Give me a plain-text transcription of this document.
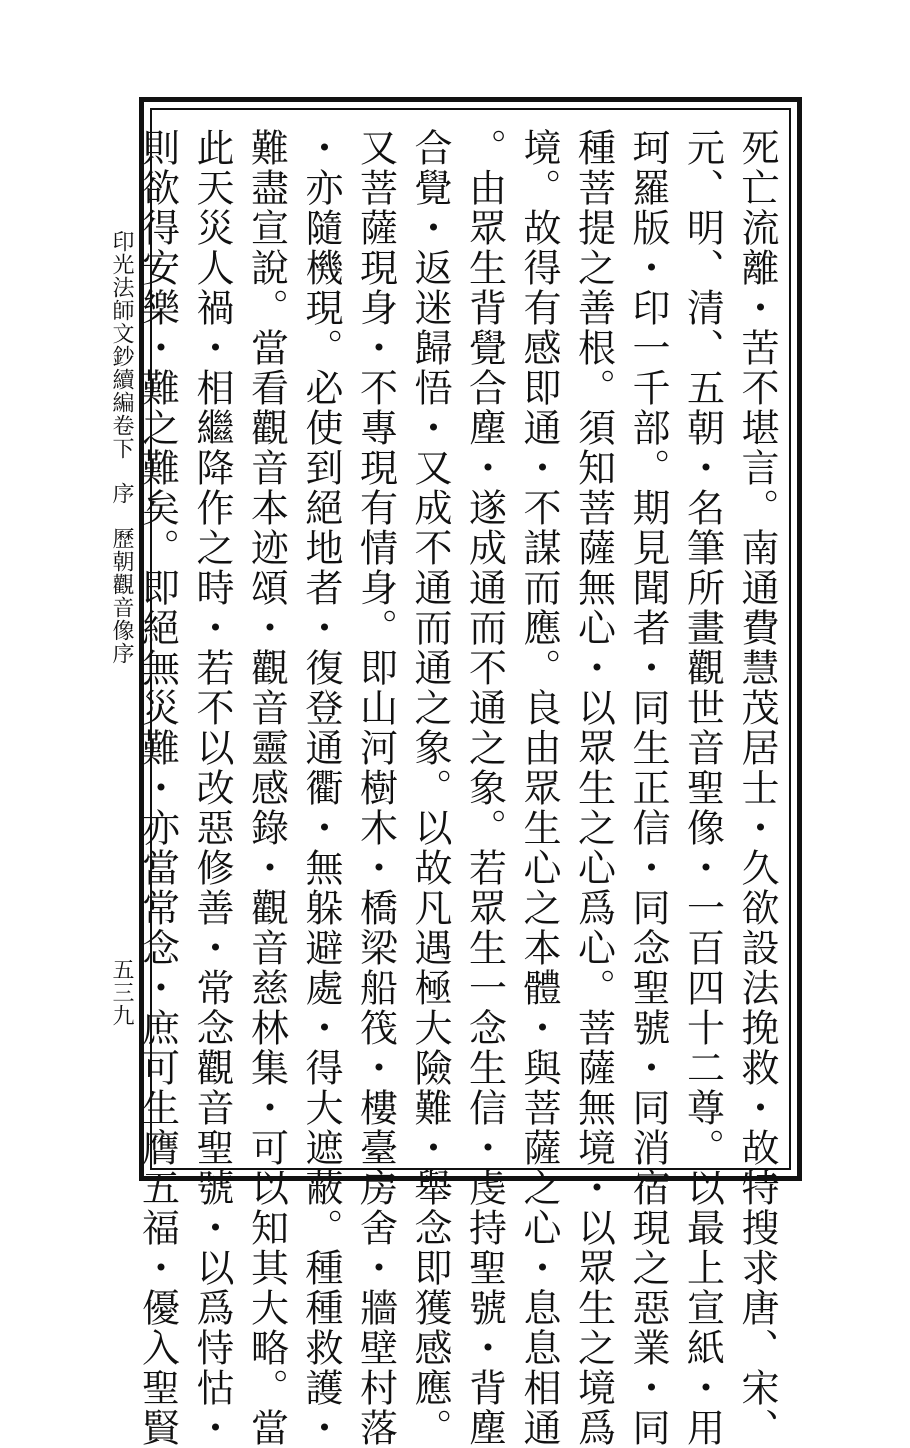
印光法師文鈔續編卷下序歷朝觀音像序
五三九	死亡流離・苦不堪言。南通費慧茂居士・久欲設法挽救・故特搜求唐、宋、
元、明、清、五朝・名筆所畫觀世音聖像・一百四十二尊。以最上宣紙・用
珂羅版・印一千部。期見聞者・同生正信・同念聖號・同消宿現之惡業・同
種菩提之善根。須知菩薩無心・以眾生之心爲心。菩薩無境・以眾生之境爲
境。故得有感即通・不謀而應。良由眾生心之本體・與菩薩之心・息息相通
。由眾生背覺合塵・遂成通而不通之象。若眾生一念生信・虔持聖號・背塵
合覺・返迷歸悟・又成不通而通之象。以故凡遇極大險難・舉念即獲感應。
又菩薩現身・不專現有情身。即山河樹木・橋梁船筏・樓臺房舍・牆壁村落
・亦隨機現。必使到絕地者・復登通衢・無躲避處・得大遮蔽。種種救護・
難盡宣說。當看觀音本迹頌・觀音靈感錄・觀音慈林集・可以知其大略。當
此天災人禍・相繼降作之時・若不以改惡修善・常念觀音聖號・以爲恃怙・
則欲得安樂・難之難矣。即絕無災難・亦當常念・庶可生膺五福・優入聖賢
